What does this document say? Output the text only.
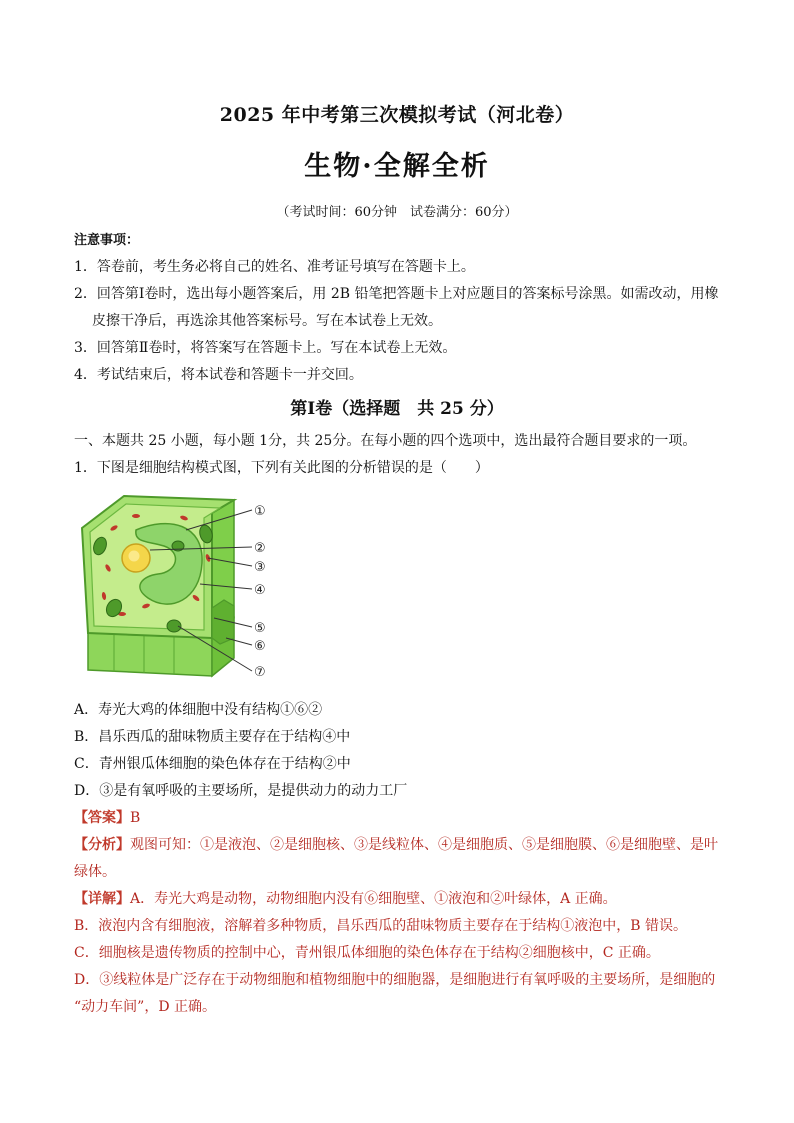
2025 年中考第三次模拟考试（河北卷）
生物·全解全析
（考试时间：60分钟　试卷满分：60分）
注意事项：
1．答卷前，考生务必将自己的姓名、准考证号填写在答题卡上。
2．回答第Ⅰ卷时，选出每小题答案后，用 2B 铅笔把答题卡上对应题目的答案标号涂黑。如需改动，用橡
皮擦干净后，再选涂其他答案标号。写在本试卷上无效。
3．回答第Ⅱ卷时，将答案写在答题卡上。写在本试卷上无效。
4．考试结束后，将本试卷和答题卡一并交回。
第Ⅰ卷（选择题　共 25 分）
一、本题共 25 小题，每小题 1分，共 25分。在每小题的四个选项中，选出最符合题目要求的一项。
1．下图是细胞结构模式图，下列有关此图的分析错误的是（　　）
①
②
③
④
⑤
⑥
⑦
A．寿光大鸡的体细胞中没有结构①⑥②
B．昌乐西瓜的甜味物质主要存在于结构④中
C．青州银瓜体细胞的染色体存在于结构②中
D．③是有氧呼吸的主要场所，是提供动力的动力工厂
【答案】B
【分析】观图可知：①是液泡、②是细胞核、③是线粒体、④是细胞质、⑤是细胞膜、⑥是细胞壁、是叶
绿体。
【详解】A．寿光大鸡是动物，动物细胞内没有⑥细胞壁、①液泡和②叶绿体，A 正确。
B．液泡内含有细胞液，溶解着多种物质，昌乐西瓜的甜味物质主要存在于结构①液泡中，B 错误。
C．细胞核是遗传物质的控制中心，青州银瓜体细胞的染色体存在于结构②细胞核中，C 正确。
D．③线粒体是广泛存在于动物细胞和植物细胞中的细胞器，是细胞进行有氧呼吸的主要场所，是细胞的
“动力车间”，D 正确。
